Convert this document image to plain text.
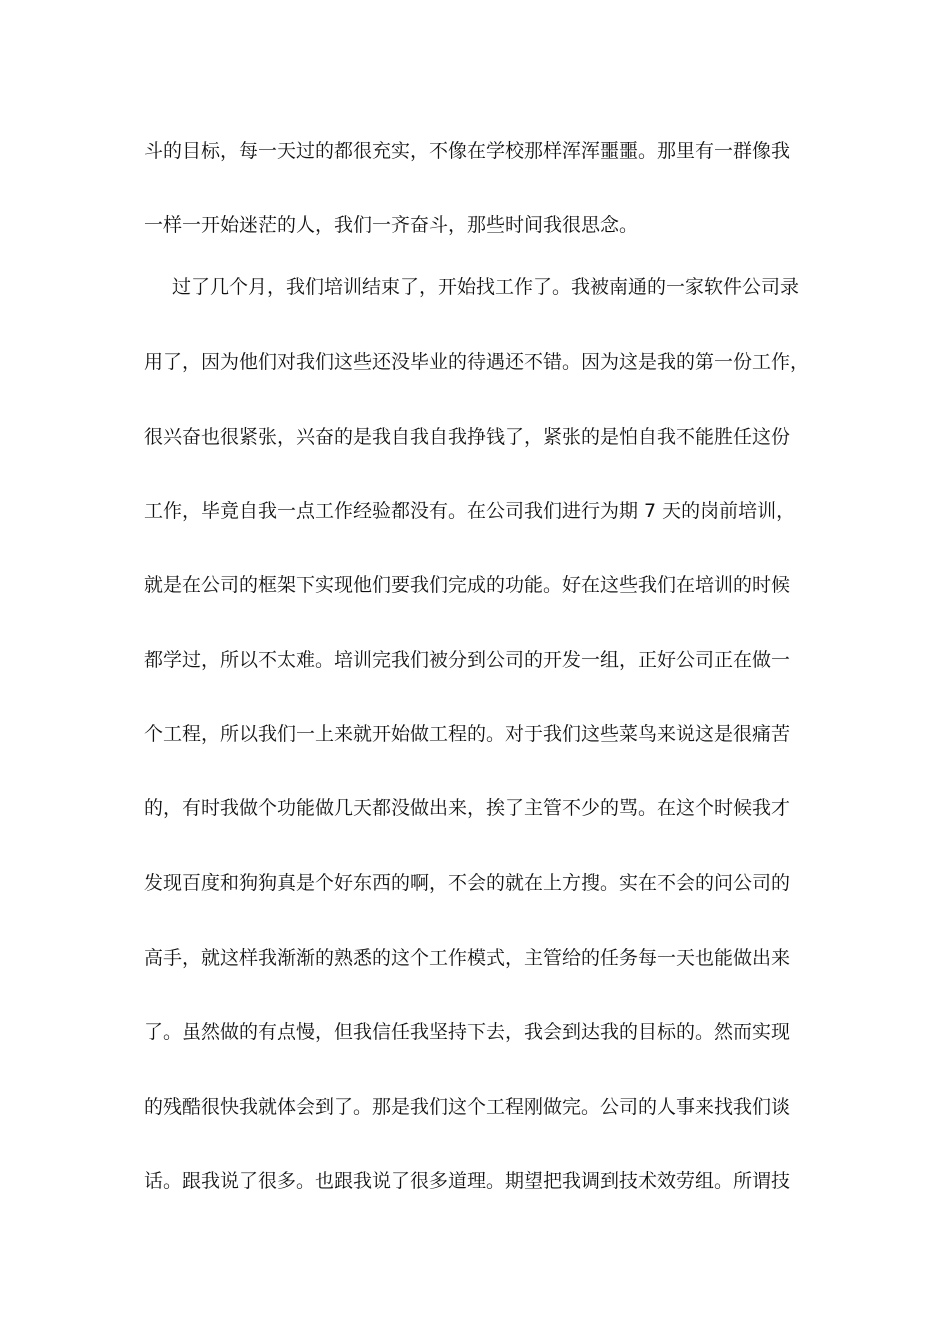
斗的目标，每一天过的都很充实，不像在学校那样浑浑噩噩。那里有一群像我
一样一开始迷茫的人，我们一齐奋斗，那些时间我很思念。
过了几个月，我们培训结束了，开始找工作了。我被南通的一家软件公司录
用了，因为他们对我们这些还没毕业的待遇还不错。因为这是我的第一份工作，
很兴奋也很紧张，兴奋的是我自我自我挣钱了，紧张的是怕自我不能胜任这份
工作，毕竟自我一点工作经验都没有。在公司我们进行为期 7 天的岗前培训，
就是在公司的框架下实现他们要我们完成的功能。好在这些我们在培训的时候
都学过，所以不太难。培训完我们被分到公司的开发一组，正好公司正在做一
个工程，所以我们一上来就开始做工程的。对于我们这些菜鸟来说这是很痛苦
的，有时我做个功能做几天都没做出来，挨了主管不少的骂。在这个时候我才
发现百度和狗狗真是个好东西的啊，不会的就在上方搜。实在不会的问公司的
高手，就这样我渐渐的熟悉的这个工作模式，主管给的任务每一天也能做出来
了。虽然做的有点慢，但我信任我坚持下去，我会到达我的目标的。然而实现
的残酷很快我就体会到了。那是我们这个工程刚做完。公司的人事来找我们谈
话。跟我说了很多。也跟我说了很多道理。期望把我调到技术效劳组。所谓技
